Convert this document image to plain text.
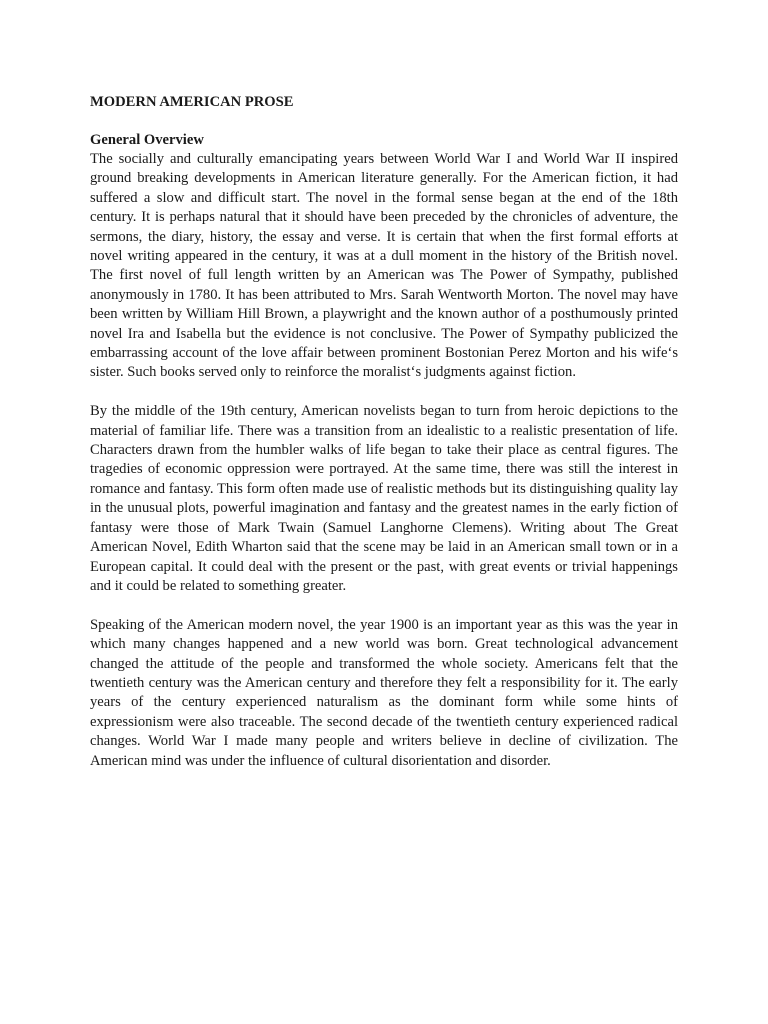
MODERN AMERICAN PROSE
General Overview

The socially and culturally emancipating years between World War I and World War II inspired ground breaking developments in American literature generally. For the American fiction, it had suffered a slow and difficult start. The novel in the formal sense began at the end of the 18th century. It is perhaps natural that it should have been preceded by the chronicles of adventure, the sermons, the diary, history, the essay and verse. It is certain that when the first formal efforts at novel writing appeared in the century, it was at a dull moment in the history of the British novel. The first novel of full length written by an American was The Power of Sympathy, published anonymously in 1780. It has been attributed to Mrs. Sarah Wentworth Morton. The novel may have been written by William Hill Brown, a playwright and the known author of a posthumously printed novel Ira and Isabella but the evidence is not conclusive. The Power of Sympathy publicized the embarrassing account of the love affair between prominent Bostonian Perez Morton and his wife‘s sister. Such books served only to reinforce the moralist‘s judgments against fiction.

By the middle of the 19th century, American novelists began to turn from heroic depictions to the material of familiar life. There was a transition from an idealistic to a realistic presentation of life. Characters drawn from the humbler walks of life began to take their place as central figures. The tragedies of economic oppression were portrayed. At the same time, there was still the interest in romance and fantasy. This form often made use of realistic methods but its distinguishing quality lay in the unusual plots, powerful imagination and fantasy and the greatest names in the early fiction of fantasy were those of Mark Twain (Samuel Langhorne Clemens). Writing about The Great American Novel, Edith Wharton said that the scene may be laid in an American small town or in a European capital. It could deal with the present or the past, with great events or trivial happenings and it could be related to something greater.

Speaking of the American modern novel, the year 1900 is an important year as this was the year in which many changes happened and a new world was born. Great technological advancement changed the attitude of the people and transformed the whole society. Americans felt that the twentieth century was the American century and therefore they felt a responsibility for it. The early years of the century experienced naturalism as the dominant form while some hints of expressionism were also traceable. The second decade of the twentieth century experienced radical changes. World War I made many people and writers believe in decline of civilization. The American mind was under the influence of cultural disorientation and disorder.
